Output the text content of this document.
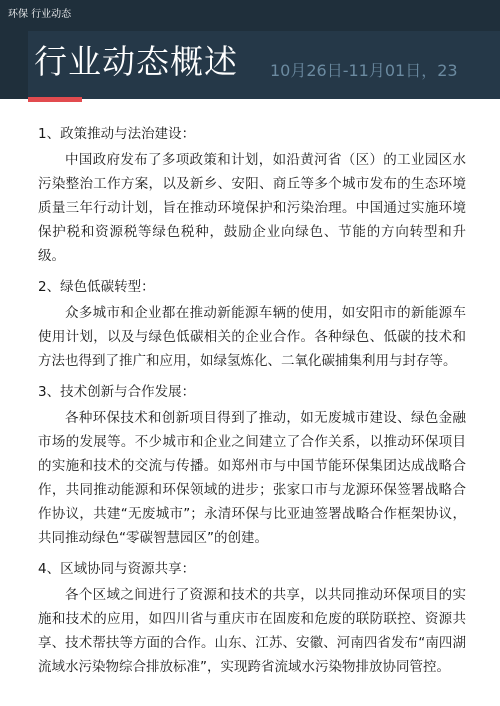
环保 行业动态
行业动态概述 10月26日-11月01日，23
1、政策推动与法治建设：

中国政府发布了多项政策和计划，如沿黄河省（区）的工业园区水污染整治工作方案，以及新乡、安阳、商丘等多个城市发布的生态环境质量三年行动计划，旨在推动环境保护和污染治理。中国通过实施环境保护税和资源税等绿色税种，鼓励企业向绿色、节能的方向转型和升级。

2、绿色低碳转型：

众多城市和企业都在推动新能源车辆的使用，如安阳市的新能源车使用计划，以及与绿色低碳相关的企业合作。各种绿色、低碳的技术和方法也得到了推广和应用，如绿氢炼化、二氧化碳捕集利用与封存等。

3、技术创新与合作发展：

各种环保技术和创新项目得到了推动，如无废城市建设、绿色金融市场的发展等。不少城市和企业之间建立了合作关系，以推动环保项目的实施和技术的交流与传播。如郑州市与中国节能环保集团达成战略合作，共同推动能源和环保领域的进步；张家口市与龙源环保签署战略合作协议，共建“无废城市”；永清环保与比亚迪签署战略合作框架协议，共同推动绿色“零碳智慧园区”的创建。

4、区域协同与资源共享：

各个区域之间进行了资源和技术的共享，以共同推动环保项目的实施和技术的应用，如四川省与重庆市在固废和危废的联防联控、资源共享、技术帮扶等方面的合作。山东、江苏、安徽、河南四省发布“南四湖流域水污染物综合排放标准”，实现跨省流域水污染物排放协同管控。
